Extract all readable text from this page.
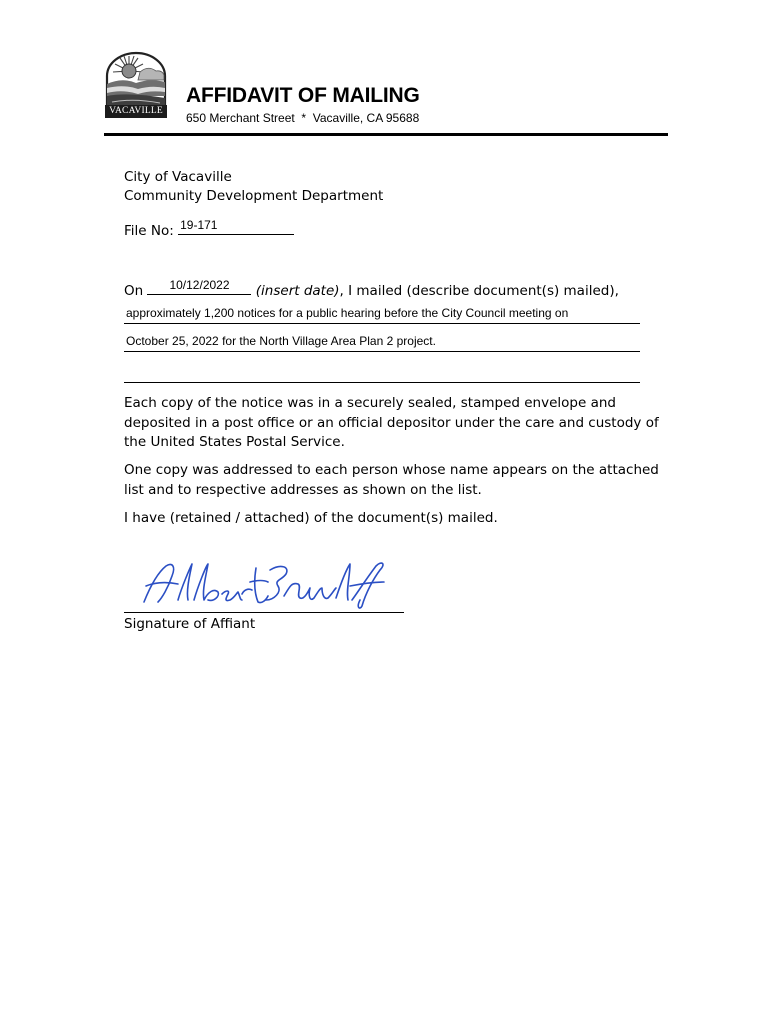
VACAVILLE
AFFIDAVIT OF MAILING
650 Merchant Street  *  Vacaville, CA 95688
City of Vacaville
Community Development Department
File No: 19-171
On	10/12/2022	(insert date), I mailed (describe document(s) mailed),
approximately 1,200 notices for a public hearing before the City Council meeting on
October 25, 2022 for the North Village Area Plan 2 project.
Each copy of the notice was in a securely sealed, stamped envelope and deposited in a post office or an official depositor under the care and custody of the United States Postal Service.
One copy was addressed to each person whose name appears on the attached list and to respective addresses as shown on the list.
I have (retained / attached) of the document(s) mailed.
Signature of Affiant
